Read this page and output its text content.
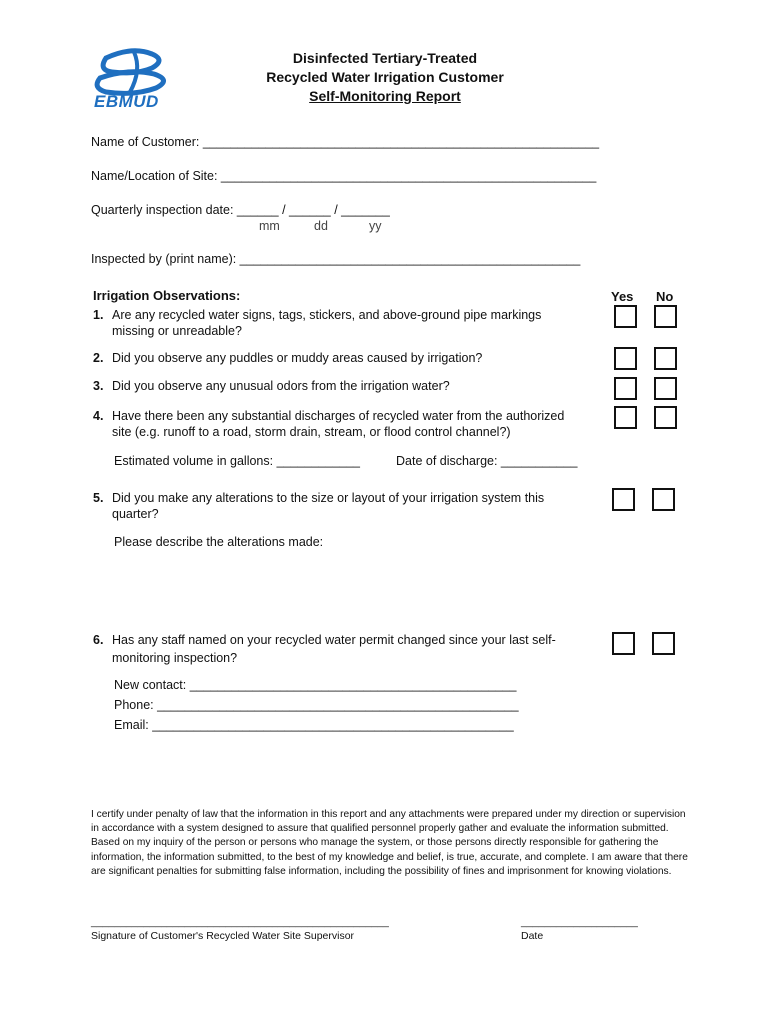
EBMUD
Disinfected Tertiary-Treated
Recycled Water Irrigation Customer
Self-Monitoring Report
Name of Customer: _________________________________________________________
Name/Location of Site: ______________________________________________________
Quarterly inspection date: ______ / ______ / _______
mm	dd	yy
Inspected by (print name): _________________________________________________
Irrigation Observations:	Yes No
1. Are any recycled water signs, tags, stickers, and above-ground pipe markings
missing or unreadable?
2. Did you observe any puddles or muddy areas caused by irrigation?
3. Did you observe any unusual odors from the irrigation water?
4. Have there been any substantial discharges of recycled water from the authorized
site (e.g. runoff to a road, storm drain, stream, or flood control channel?)
Estimated volume in gallons: ____________	Date of discharge: ___________
5. Did you make any alterations to the size or layout of your irrigation system this
quarter?
Please describe the alterations made:
6. Has any staff named on your recycled water permit changed since your last self-
monitoring inspection?
New contact: _______________________________________________
Phone: ____________________________________________________
Email: ____________________________________________________
I certify under penalty of law that the information in this report and any attachments were prepared under my direction or supervision in accordance with a system designed to assure that qualified personnel properly gather and evaluate the information submitted. Based on my inquiry of the person or persons who manage the system, or those persons directly responsible for gathering the information, the information submitted, to the best of my knowledge and belief, is true, accurate, and complete. I am aware that there are significant penalties for submitting false information, including the possibility of fines and imprisonment for knowing violations.
___________________________________________________
Signature of Customer's Recycled Water Site Supervisor
____________________
Date
